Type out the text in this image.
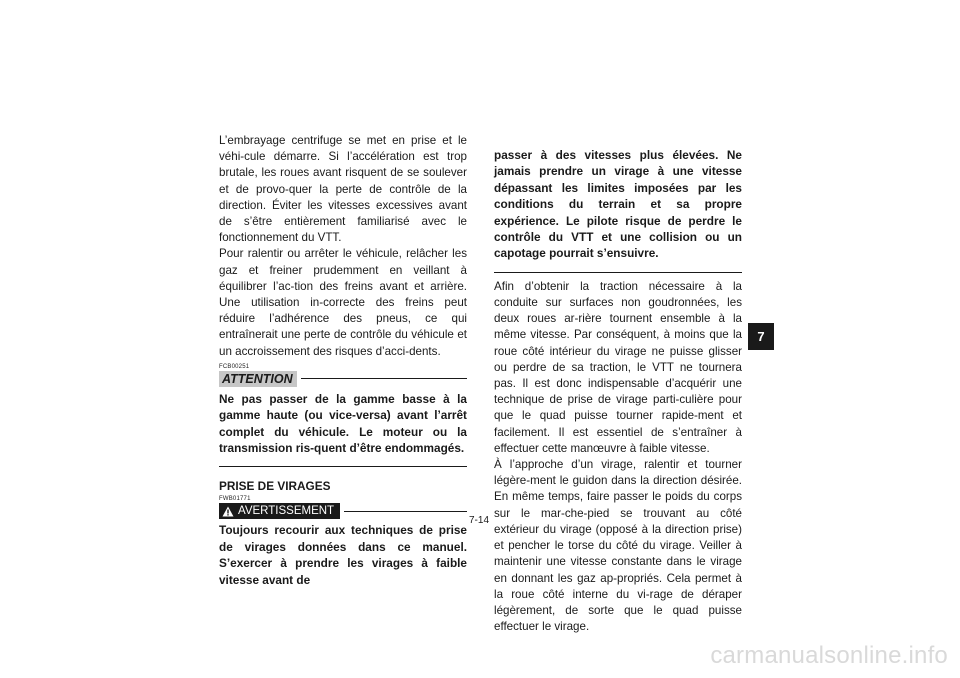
L’embrayage centrifuge se met en prise et le véhi-cule démarre. Si l’accélération est trop brutale, les roues avant risquent de se soulever et de provo-quer la perte de contrôle de la direction. Éviter les vitesses excessives avant de s’être entièrement familiarisé avec le fonctionnement du VTT.

Pour ralentir ou arrêter le véhicule, relâcher les gaz et freiner prudemment en veillant à équilibrer l’ac-tion des freins avant et arrière. Une utilisation in-correcte des freins peut réduire l’adhérence des pneus, ce qui entraînerait une perte de contrôle du véhicule et un accroissement des risques d’acci-dents.

FCB00251
ATTENTION

Ne pas passer de la gamme basse à la gamme haute (ou vice-versa) avant l’arrêt complet du véhicule. Le moteur ou la transmission ris-quent d’être endommagés.

PRISE DE VIRAGES

FWB01771
AVERTISSEMENT

Toujours recourir aux techniques de prise de virages données dans ce manuel. S’exercer à prendre les virages à faible vitesse avant de

passer à des vitesses plus élevées. Ne jamais prendre un virage à une vitesse dépassant les limites imposées par les conditions du terrain et sa propre expérience. Le pilote risque de perdre le contrôle du VTT et une collision ou un capotage pourrait s’ensuivre.

Afin d’obtenir la traction nécessaire à la conduite sur surfaces non goudronnées, les deux roues ar-rière tournent ensemble à la même vitesse. Par conséquent, à moins que la roue côté intérieur du virage ne puisse glisser ou perdre de sa traction, le VTT ne tournera pas. Il est donc indispensable d’acquérir une technique de prise de virage parti-culière pour que le quad puisse tourner rapide-ment et facilement. Il est essentiel de s’entraîner à effectuer cette manœuvre à faible vitesse.

À l’approche d’un virage, ralentir et tourner légère-ment le guidon dans la direction désirée. En même temps, faire passer le poids du corps sur le mar-che-pied se trouvant au côté extérieur du virage (opposé à la direction prise) et pencher le torse du côté du virage. Veiller à maintenir une vitesse constante dans le virage en donnant les gaz ap-propriés. Cela permet à la roue côté interne du vi-rage de déraper légèrement, de sorte que le quad puisse effectuer le virage.

7
7-14
carmanualsonline.info
